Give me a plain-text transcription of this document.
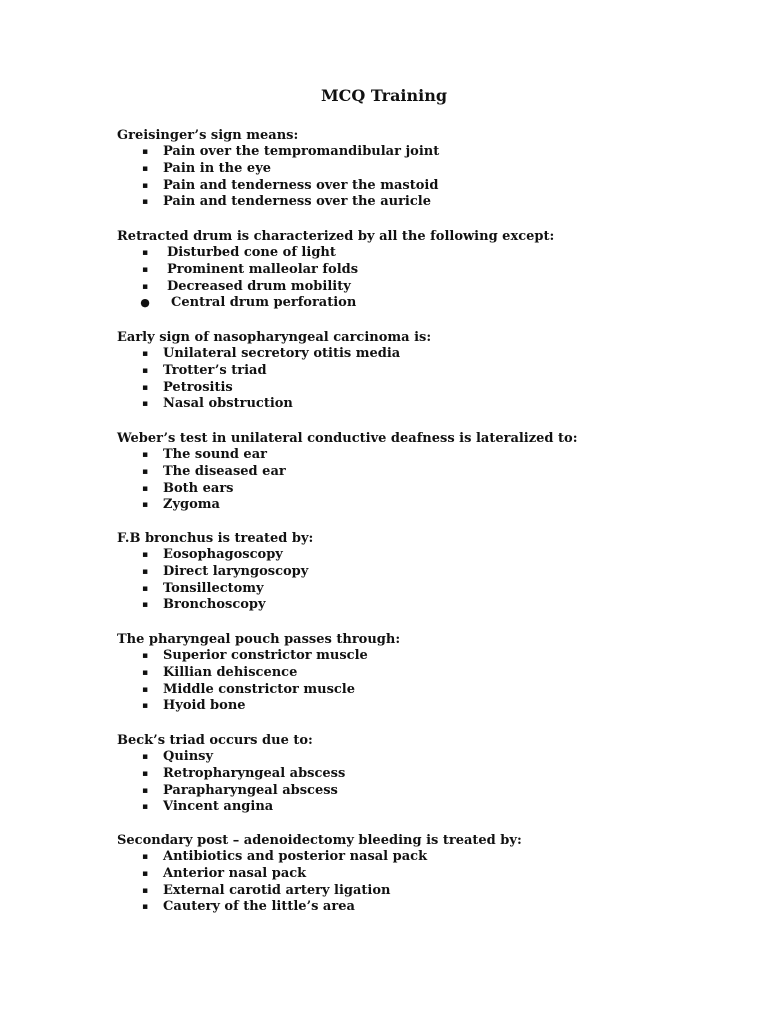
MCQ Training
Greisinger’s sign means:
▪ Pain over the tempromandibular joint
▪ Pain in the eye
▪ Pain and tenderness over the mastoid
▪ Pain and tenderness over the auricle
Retracted drum is characterized by all the following except:
▪ Disturbed cone of light
▪ Prominent malleolar folds
▪ Decreased drum mobility
● Central drum perforation
Early sign of nasopharyngeal carcinoma is:
▪ Unilateral secretory otitis media
▪ Trotter’s triad
▪ Petrositis
▪ Nasal obstruction
Weber’s test in unilateral conductive deafness is lateralized to:
▪ The sound ear
▪ The diseased ear
▪ Both ears
▪ Zygoma
F.B bronchus is treated by:
▪ Eosophagoscopy
▪ Direct laryngoscopy
▪ Tonsillectomy
▪ Bronchoscopy
The pharyngeal pouch passes through:
▪ Superior constrictor muscle
▪ Killian dehiscence
▪ Middle constrictor muscle
▪ Hyoid bone
Beck’s triad occurs due to:
▪ Quinsy
▪ Retropharyngeal abscess
▪ Parapharyngeal abscess
▪ Vincent angina
Secondary post – adenoidectomy bleeding is treated by:
▪ Antibiotics and posterior nasal pack
▪ Anterior nasal pack
▪ External carotid artery ligation
▪ Cautery of the little’s area
